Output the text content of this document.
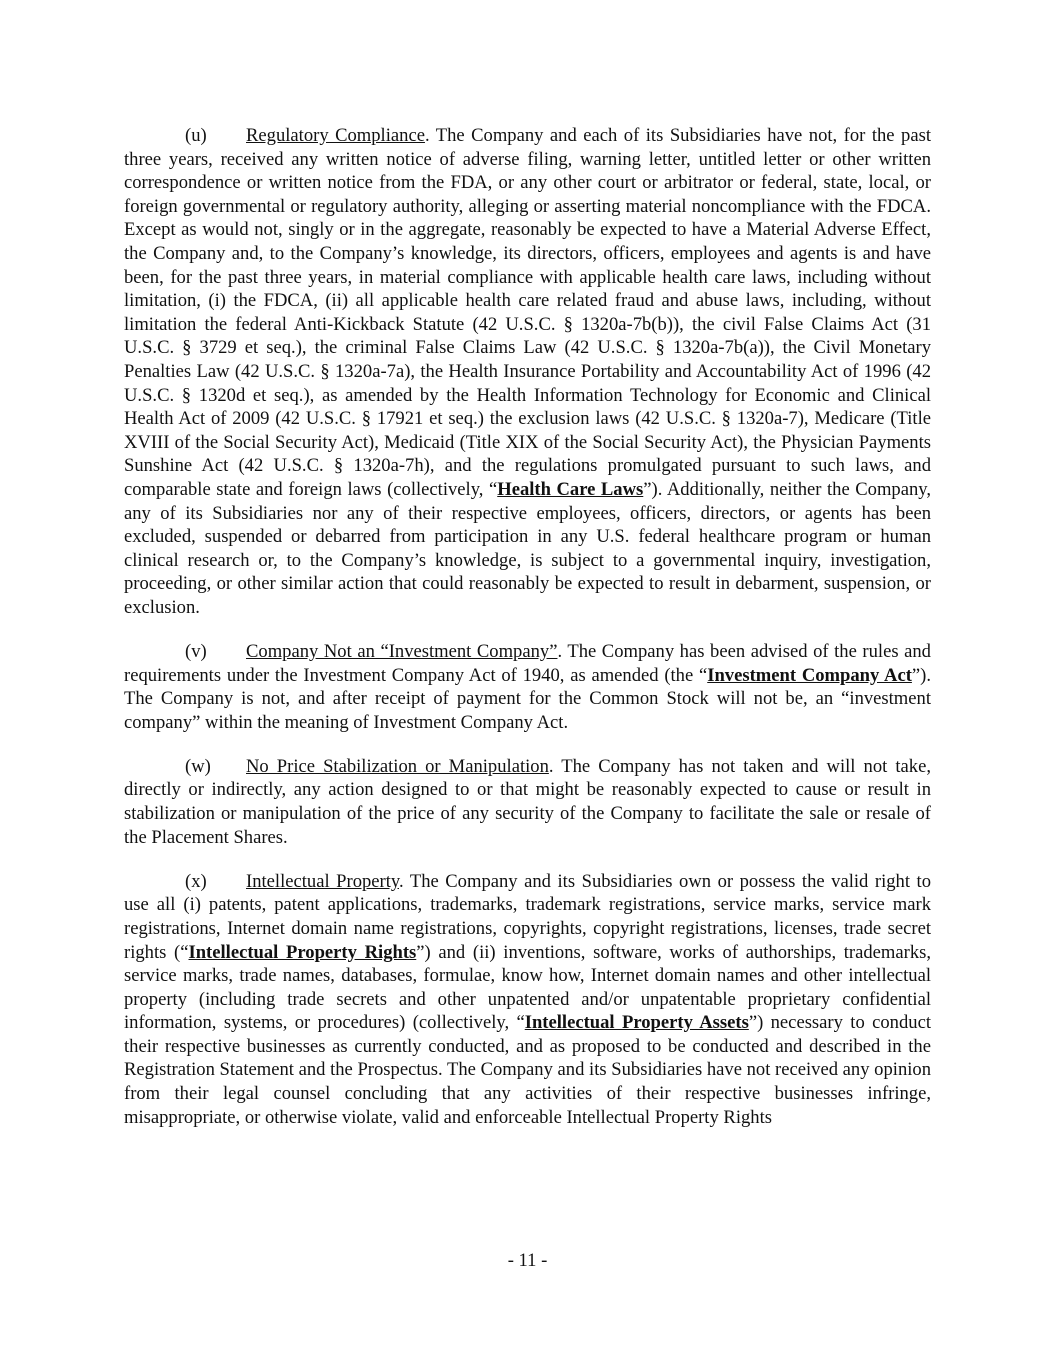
(u) Regulatory Compliance. The Company and each of its Subsidiaries have not, for the past three years, received any written notice of adverse filing, warning letter, untitled letter or other written correspondence or written notice from the FDA, or any other court or arbitrator or federal, state, local, or foreign governmental or regulatory authority, alleging or asserting material noncompliance with the FDCA. Except as would not, singly or in the aggregate, reasonably be expected to have a Material Adverse Effect, the Company and, to the Company’s knowledge, its directors, officers, employees and agents is and have been, for the past three years, in material compliance with applicable health care laws, including without limitation, (i) the FDCA, (ii) all applicable health care related fraud and abuse laws, including, without limitation the federal Anti-Kickback Statute (42 U.S.C. § 1320a-7b(b)), the civil False Claims Act (31 U.S.C. § 3729 et seq.), the criminal False Claims Law (42 U.S.C. § 1320a-7b(a)), the Civil Monetary Penalties Law (42 U.S.C. § 1320a-7a), the Health Insurance Portability and Accountability Act of 1996 (42 U.S.C. § 1320d et seq.), as amended by the Health Information Technology for Economic and Clinical Health Act of 2009 (42 U.S.C. § 17921 et seq.) the exclusion laws (42 U.S.C. § 1320a-7), Medicare (Title XVIII of the Social Security Act), Medicaid (Title XIX of the Social Security Act), the Physician Payments Sunshine Act (42 U.S.C. § 1320a-7h), and the regulations promulgated pursuant to such laws, and comparable state and foreign laws (collectively, “Health Care Laws”). Additionally, neither the Company, any of its Subsidiaries nor any of their respective employees, officers, directors, or agents has been excluded, suspended or debarred from participation in any U.S. federal healthcare program or human clinical research or, to the Company’s knowledge, is subject to a governmental inquiry, investigation, proceeding, or other similar action that could reasonably be expected to result in debarment, suspension, or exclusion.

(v) Company Not an “Investment Company”. The Company has been advised of the rules and requirements under the Investment Company Act of 1940, as amended (the “Investment Company Act”). The Company is not, and after receipt of payment for the Common Stock will not be, an “investment company” within the meaning of Investment Company Act.

(w) No Price Stabilization or Manipulation. The Company has not taken and will not take, directly or indirectly, any action designed to or that might be reasonably expected to cause or result in stabilization or manipulation of the price of any security of the Company to facilitate the sale or resale of the Placement Shares.

(x) Intellectual Property. The Company and its Subsidiaries own or possess the valid right to use all (i) patents, patent applications, trademarks, trademark registrations, service marks, service mark registrations, Internet domain name registrations, copyrights, copyright registrations, licenses, trade secret rights (“Intellectual Property Rights”) and (ii) inventions, software, works of authorships, trademarks, service marks, trade names, databases, formulae, know how, Internet domain names and other intellectual property (including trade secrets and other unpatented and/or unpatentable proprietary confidential information, systems, or procedures) (collectively, “Intellectual Property Assets”) necessary to conduct their respective businesses as currently conducted, and as proposed to be conducted and described in the Registration Statement and the Prospectus. The Company and its Subsidiaries have not received any opinion from their legal counsel concluding that any activities of their respective businesses infringe, misappropriate, or otherwise violate, valid and enforceable Intellectual Property Rights

- 11 -
